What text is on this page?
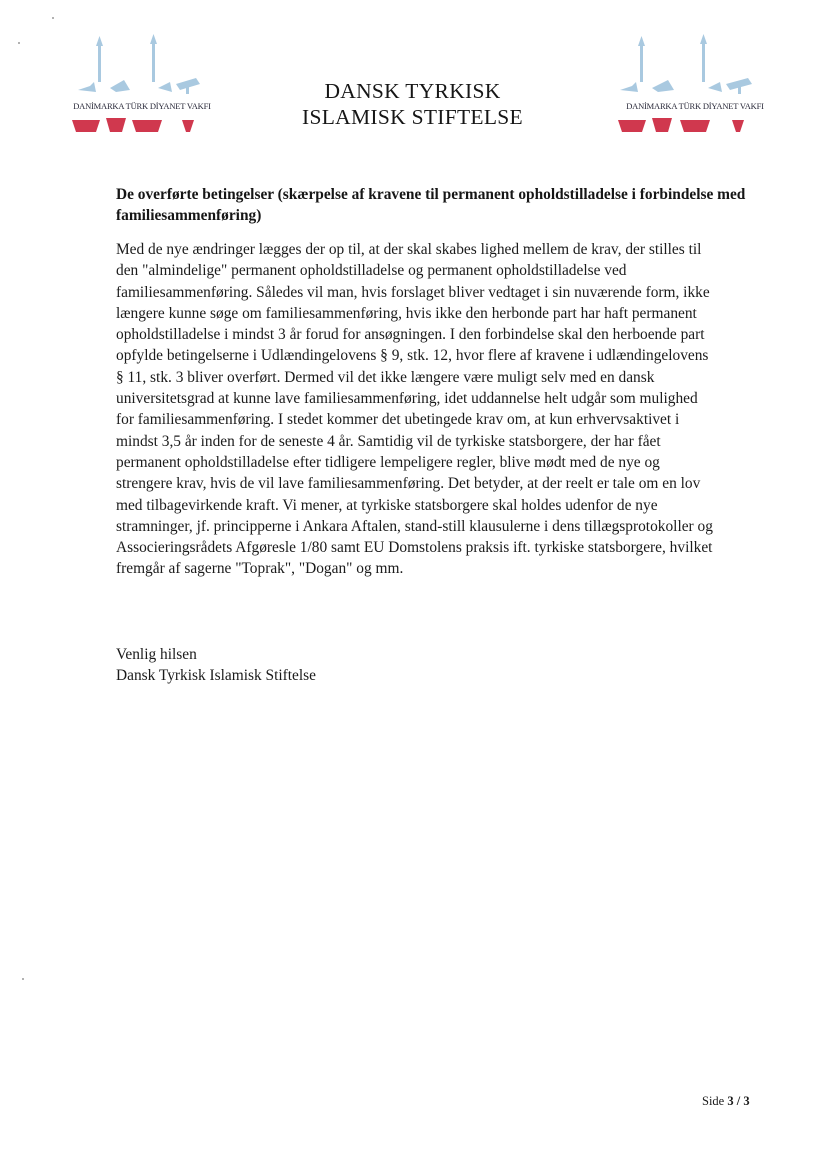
DANİMARKA TÜRK DİYANET VAKFI
DANSK TYRKISK
ISLAMISK STIFTELSE	DANİMARKA TÜRK DİYANET VAKFI
De overførte betingelser (skærpelse af kravene til permanent opholdstilladelse i forbindelse med familiesammenføring)
Med de nye ændringer lægges der op til, at der skal skabes lighed mellem de krav, der stilles til
den "almindelige" permanent opholdstilladelse og permanent opholdstilladelse ved
familiesammenføring. Således vil man, hvis forslaget bliver vedtaget i sin nuværende form, ikke
længere kunne søge om familiesammenføring, hvis ikke den herbonde part har haft permanent
opholdstilladelse i mindst 3 år forud for ansøgningen. I den forbindelse skal den herboende part
opfylde betingelserne i Udlændingelovens § 9, stk. 12, hvor flere af kravene i udlændingelovens
§ 11, stk. 3 bliver overført. Dermed vil det ikke længere være muligt selv med en dansk
universitetsgrad at kunne lave familiesammenføring, idet uddannelse helt udgår som mulighed
for familiesammenføring. I stedet kommer det ubetingede krav om, at kun erhvervsaktivet i
mindst 3,5 år inden for de seneste 4 år. Samtidig vil de tyrkiske statsborgere, der har fået
permanent opholdstilladelse efter tidligere lempeligere regler, blive mødt med de nye og
strengere krav, hvis de vil lave familiesammenføring. Det betyder, at der reelt er tale om en lov
med tilbagevirkende kraft. Vi mener, at tyrkiske statsborgere skal holdes udenfor de nye
stramninger, jf. principperne i Ankara Aftalen, stand-still klausulerne i dens tillægsprotokoller og
Associeringsrådets Afgøresle 1/80 samt EU Domstolens praksis ift. tyrkiske statsborgere, hvilket
fremgår af sagerne "Toprak", "Dogan" og mm.
Venlig hilsen
Dansk Tyrkisk Islamisk Stiftelse
Side 3 / 3
